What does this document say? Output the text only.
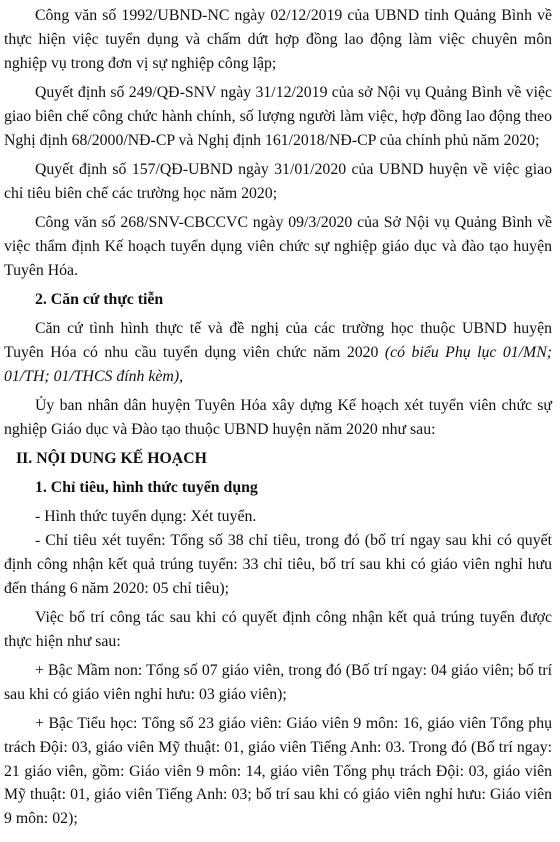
Công văn số 1992/UBND-NC ngày 02/12/2019 của UBND tỉnh Quảng Bình về thực hiện việc tuyển dụng và chấm dứt hợp đồng lao động làm việc chuyên môn nghiệp vụ trong đơn vị sự nghiệp công lập;

Quyết định số 249/QĐ-SNV ngày 31/12/2019 của sở Nội vụ Quảng Bình về việc giao biên chế công chức hành chính, số lượng người làm việc, hợp đồng lao động theo Nghị định 68/2000/NĐ-CP và Nghị định 161/2018/NĐ-CP của chính phủ năm 2020;

Quyết định số 157/QĐ-UBND ngày 31/01/2020 của UBND huyện về việc giao chỉ tiêu biên chế các trường học năm 2020;

Công văn số 268/SNV-CBCCVC ngày 09/3/2020 của Sở Nội vụ Quảng Bình về việc thẩm định Kế hoạch tuyển dụng viên chức sự nghiệp giáo dục và đào tạo huyện Tuyên Hóa.

2. Căn cứ thực tiễn

Căn cứ tình hình thực tế và đề nghị của các trường học thuộc UBND huyện Tuyên Hóa có nhu cầu tuyển dụng viên chức năm 2020 (có biểu Phụ lục 01/MN; 01/TH; 01/THCS đính kèm),

Ủy ban nhân dân huyện Tuyên Hóa xây dựng Kế hoạch xét tuyển viên chức sự nghiệp Giáo dục và Đào tạo thuộc UBND huyện năm 2020 như sau:

II. NỘI DUNG KẾ HOẠCH

1. Chỉ tiêu, hình thức tuyển dụng

- Hình thức tuyển dụng: Xét tuyển.

- Chỉ tiêu xét tuyển: Tổng số 38 chỉ tiêu, trong đó (bố trí ngay sau khi có quyết định công nhận kết quả trúng tuyển: 33 chỉ tiêu, bố trí sau khi có giáo viên nghỉ hưu đến tháng 6 năm 2020: 05 chỉ tiêu);

Việc bố trí công tác sau khi có quyết định công nhận kết quả trúng tuyển được thực hiện như sau:

+ Bậc Mầm non: Tổng số 07 giáo viên, trong đó (Bố trí ngay: 04 giáo viên; bố trí sau khi có giáo viên nghỉ hưu: 03 giáo viên);

+ Bậc Tiểu học: Tổng số 23 giáo viên: Giáo viên 9 môn: 16, giáo viên Tổng phụ trách Đội: 03, giáo viên Mỹ thuật: 01, giáo viên Tiếng Anh: 03. Trong đó (Bố trí ngay: 21 giáo viên, gồm: Giáo viên 9 môn: 14, giáo viên Tổng phụ trách Đội: 03, giáo viên Mỹ thuật: 01, giáo viên Tiếng Anh: 03; bố trí sau khi có giáo viên nghỉ hưu: Giáo viên 9 môn: 02);
